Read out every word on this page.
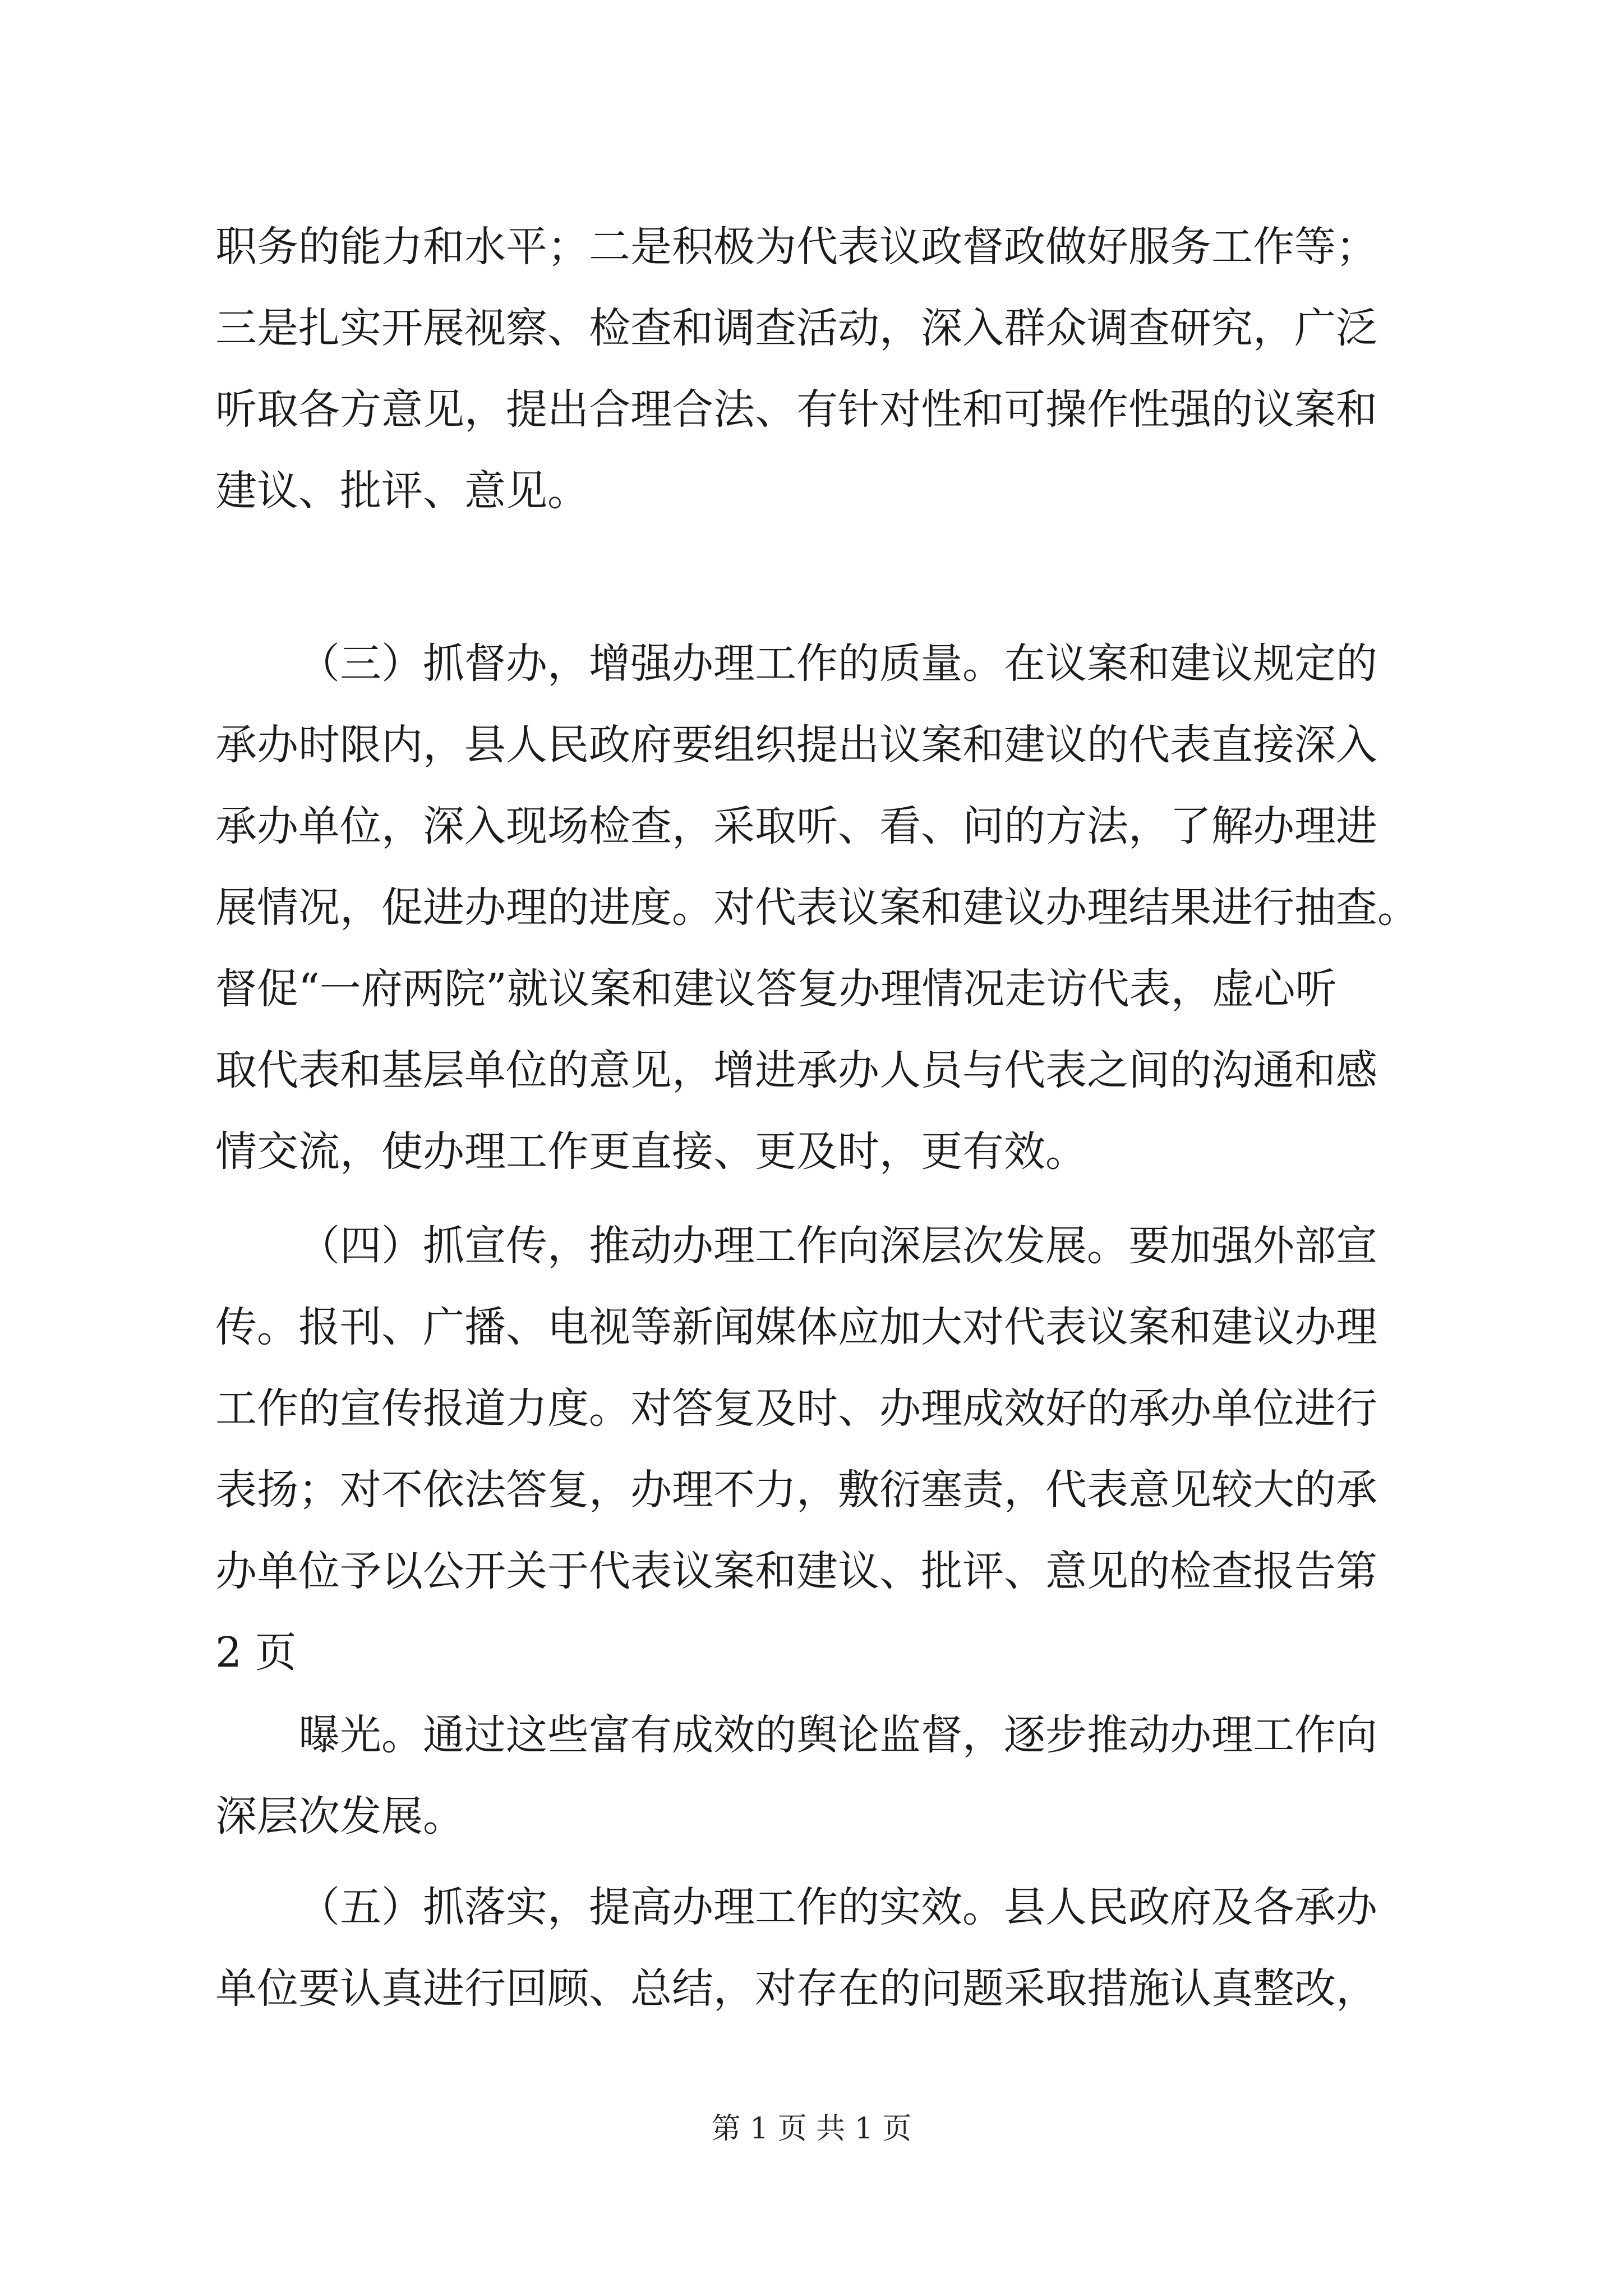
职务的能力和水平；二是积极为代表议政督政做好服务工作等；
三是扎实开展视察、检查和调查活动，深入群众调查研究，广泛
听取各方意见，提出合理合法、有针对性和可操作性强的议案和
建议、批评、意见。
（三）抓督办，增强办理工作的质量。在议案和建议规定的
承办时限内，县人民政府要组织提出议案和建议的代表直接深入
承办单位，深入现场检查，采取听、看、问的方法，了解办理进
展情况，促进办理的进度。对代表议案和建议办理结果进行抽查。
督促“一府两院”就议案和建议答复办理情况走访代表，虚心听
取代表和基层单位的意见，增进承办人员与代表之间的沟通和感
情交流，使办理工作更直接、更及时，更有效。
（四）抓宣传，推动办理工作向深层次发展。要加强外部宣
传。报刊、广播、电视等新闻媒体应加大对代表议案和建议办理
工作的宣传报道力度。对答复及时、办理成效好的承办单位进行
表扬；对不依法答复，办理不力，敷衍塞责，代表意见较大的承
办单位予以公开关于代表议案和建议、批评、意见的检查报告第
2 页
曝光。通过这些富有成效的舆论监督，逐步推动办理工作向
深层次发展。
（五）抓落实，提高办理工作的实效。县人民政府及各承办
单位要认真进行回顾、总结，对存在的问题采取措施认真整改，
第 1 页 共 1 页
